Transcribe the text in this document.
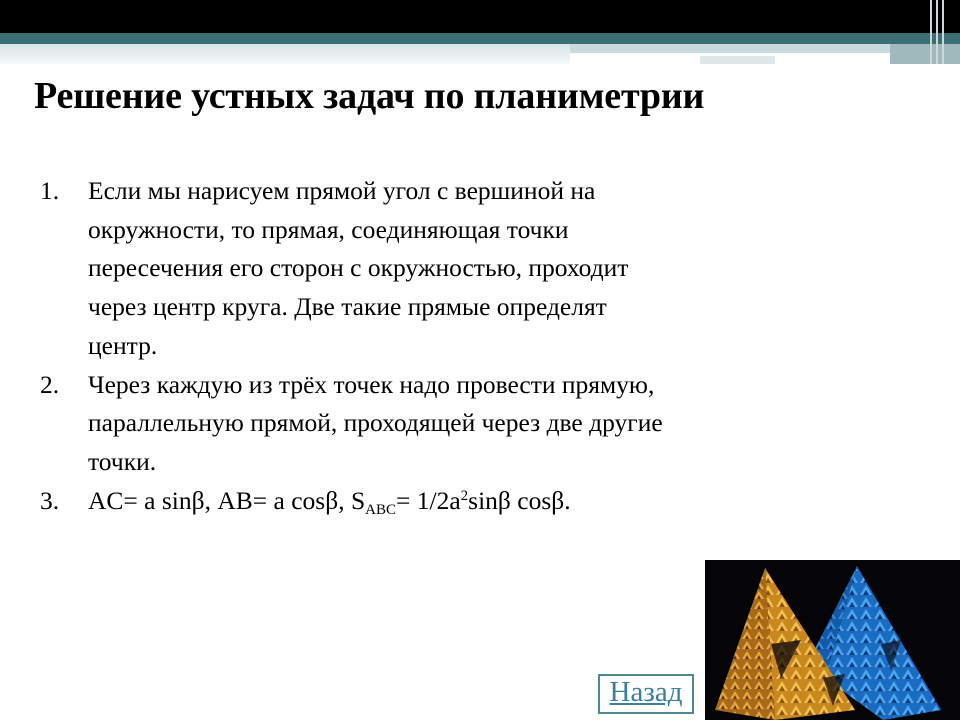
Решение устных задач по планиметрии
1. Если мы нарисуем прямой угол с вершиной на окружности, то прямая, соединяющая точки пересечения его сторон с окружностью, проходит через центр круга. Две такие прямые определят центр.
2. Через каждую из трёх точек надо провести прямую, параллельную прямой, проходящей через две другие точки.
3. AC= a sinβ, AB= a cosβ, $S_{ABC}= 1/2a^2\sin\beta$ cosβ.
Назад
